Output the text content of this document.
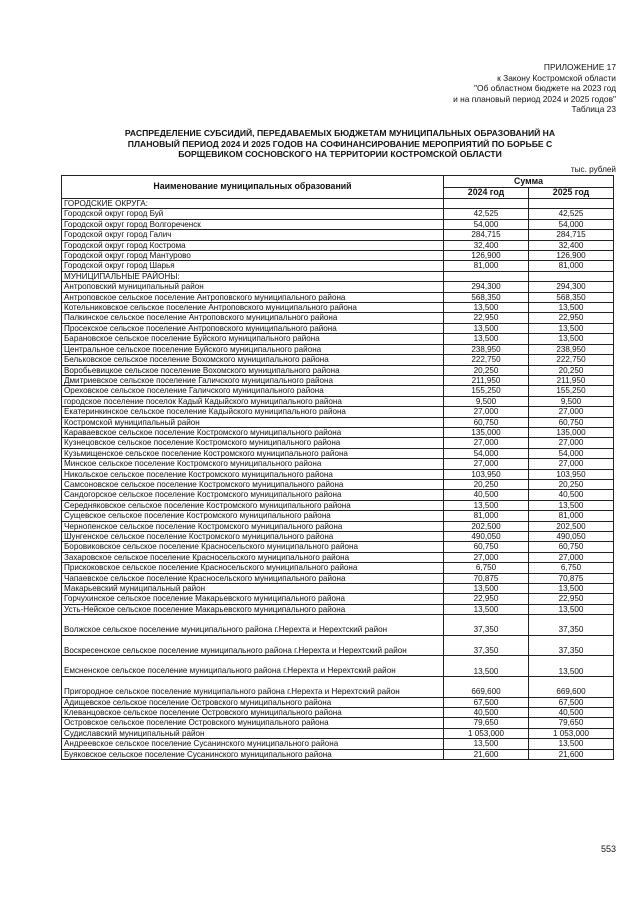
ПРИЛОЖЕНИЕ 17
к Закону Костромской области
"Об областном бюджете на 2023 год
и на плановый период 2024 и 2025 годов"
Таблица 23
РАСПРЕДЕЛЕНИЕ СУБСИДИЙ, ПЕРЕДАВАЕМЫХ БЮДЖЕТАМ МУНИЦИПАЛЬНЫХ ОБРАЗОВАНИЙ НА
ПЛАНОВЫЙ ПЕРИОД 2024 И 2025 ГОДОВ НА СОФИНАНСИРОВАНИЕ МЕРОПРИЯТИЙ ПО БОРЬБЕ С
БОРЩЕВИКОМ СОСНОВСКОГО НА ТЕРРИТОРИИ КОСТРОМСКОЙ ОБЛАСТИ
тыс. рублей
Наименование муниципальных образований	Сумма	
	2024 год	2025 год
ГОРОДСКИЕ ОКРУГА:		
Городской округ город Буй	42,525	42,525
Городской округ город Волгореченск	54,000	54,000
Городской округ город Галич	284,715	284,715
Городской округ город Кострома	32,400	32,400
Городской округ город Мантурово	126,900	126,900
Городской округ город Шарья	81,000	81,000
МУНИЦИПАЛЬНЫЕ РАЙОНЫ:		
Антроповский муниципальный район	294,300	294,300
Антроповское сельское поселение Антроповского муниципального района	568,350	568,350
Котельниковское сельское поселение Антроповского муниципального района	13,500	13,500
Палкинское сельское поселение Антроповского муниципального района	22,950	22,950
Просекское сельское поселение Антроповского муниципального района	13,500	13,500
Барановское сельское поселение Буйского муниципального района	13,500	13,500
Центральное сельское поселение Буйского муниципального района	238,950	238,950
Бельковское сельское поселение Вохомского муниципального района	222,750	222,750
Воробьевицкое сельское поселение Вохомского муниципального района	20,250	20,250
Дмитриевское сельское поселение Галичского муниципального района	211,950	211,950
Ореховское сельское поселение Галичского муниципального района	155,250	155,250
городское поселение поселок Кадый Кадыйского муниципального района	9,500	9,500
Екатеринкинское сельское поселение Кадыйского муниципального района	27,000	27,000
Костромской муниципальный район	60,750	60,750
Караваевское сельское поселение Костромского муниципального района	135,000	135,000
Кузнецовское сельское поселение Костромского муниципального района	27,000	27,000
Кузьмищенское сельское поселение Костромского муниципального района	54,000	54,000
Минское сельское поселение Костромского муниципального района	27,000	27,000
Никольское сельское поселение Костромского муниципального района	103,950	103,950
Самсоновское сельское поселение Костромского муниципального района	20,250	20,250
Сандогорское сельское поселение Костромского муниципального района	40,500	40,500
Середняковское сельское поселение Костромского муниципального района	13,500	13,500
Сущевское сельское поселение Костромского муниципального района	81,000	81,000
Чернопенское сельское поселение Костромского муниципального района	202,500	202,500
Шунгенское сельское поселение Костромского муниципального района	490,050	490,050
Боровиковское сельское поселение Красносельского муниципального района	60,750	60,750
Захаровское сельское поселение Красносельского муниципального района	27,000	27,000
Прискоковское сельское поселение Красносельского муниципального района	6,750	6,750
Чапаевское сельское поселение Красносельского муниципального района	70,875	70,875
Макарьевский муниципальный район	13,500	13,500
Горчухинское сельское поселение Макарьевского муниципального района	22,950	22,950
Усть-Нейское сельское поселение Макарьевского муниципального района	13,500	13,500
Волжское сельское поселение муниципального района г.Нерехта и Нерехтский район	37,350	37,350
Воскресенское сельское поселение муниципального района г.Нерехта и Нерехтский район	37,350	37,350
Емсненское сельское поселение муниципального района г.Нерехта и Нерехтский район	13,500	13,500
Пригородное сельское поселение муниципального района г.Нерехта и Нерехтский район	669,600	669,600
Адищевское сельское поселение Островского муниципального района	67,500	67,500
Клеванцовское сельское поселение Островского муниципального района	40,500	40,500
Островское сельское поселение Островского муниципального района	79,650	79,650
Судиславский муниципальный район	1 053,000	1 053,000
Андреевское сельское поселение Сусанинского муниципального района	13,500	13,500
Буяковское сельское поселение Сусанинского муниципального района	21,600	21,600
553
